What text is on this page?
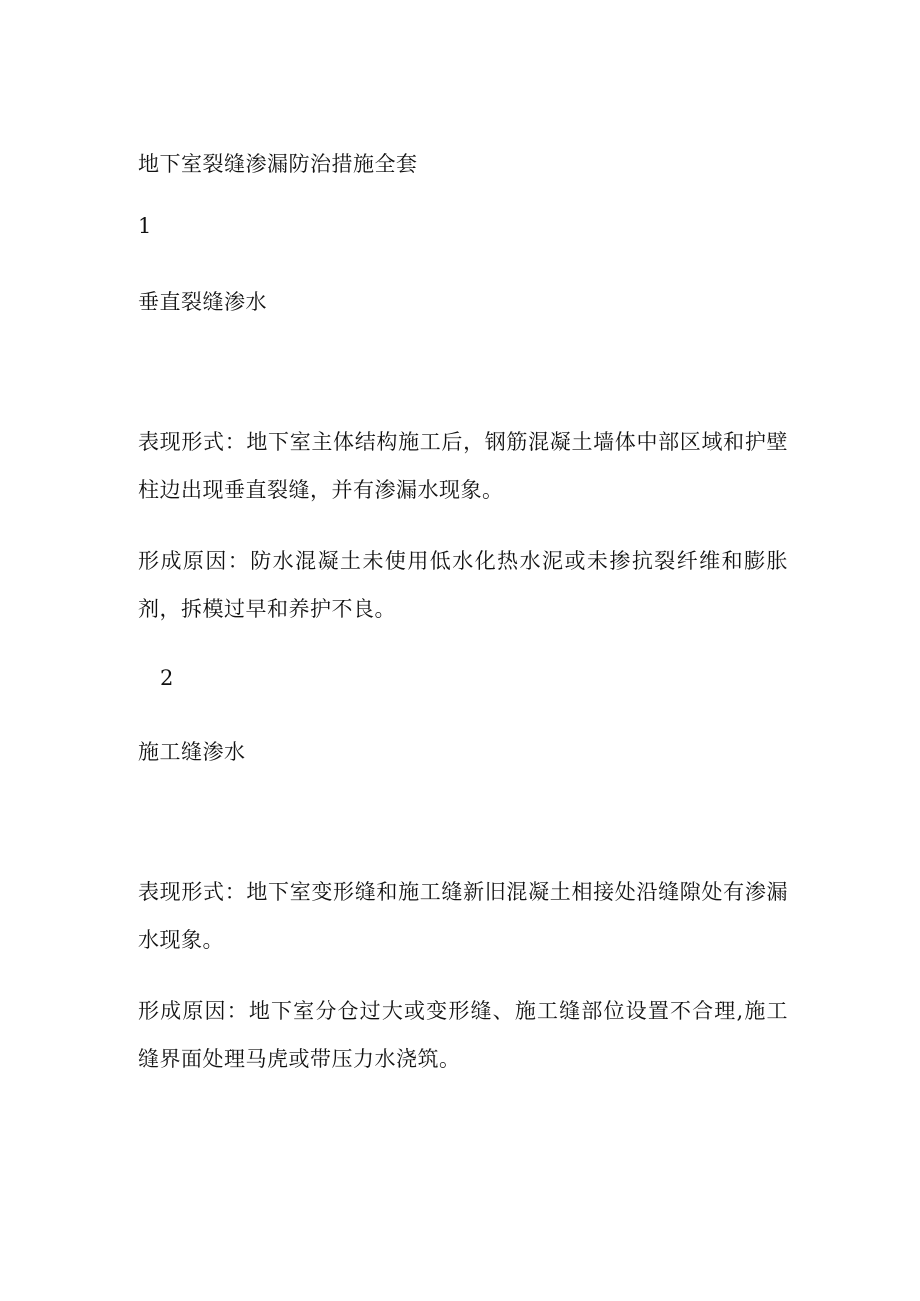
地下室裂缝渗漏防治措施全套
1
垂直裂缝渗水
表现形式：地下室主体结构施工后，钢筋混凝土墙体中部区域和护壁柱边出现垂直裂缝，并有渗漏水现象。
形成原因：防水混凝土未使用低水化热水泥或未掺抗裂纤维和膨胀剂，拆模过早和养护不良。
2
施工缝渗水
表现形式：地下室变形缝和施工缝新旧混凝土相接处沿缝隙处有渗漏水现象。
形成原因：地下室分仓过大或变形缝、施工缝部位设置不合理,施工缝界面处理马虎或带压力水浇筑。
